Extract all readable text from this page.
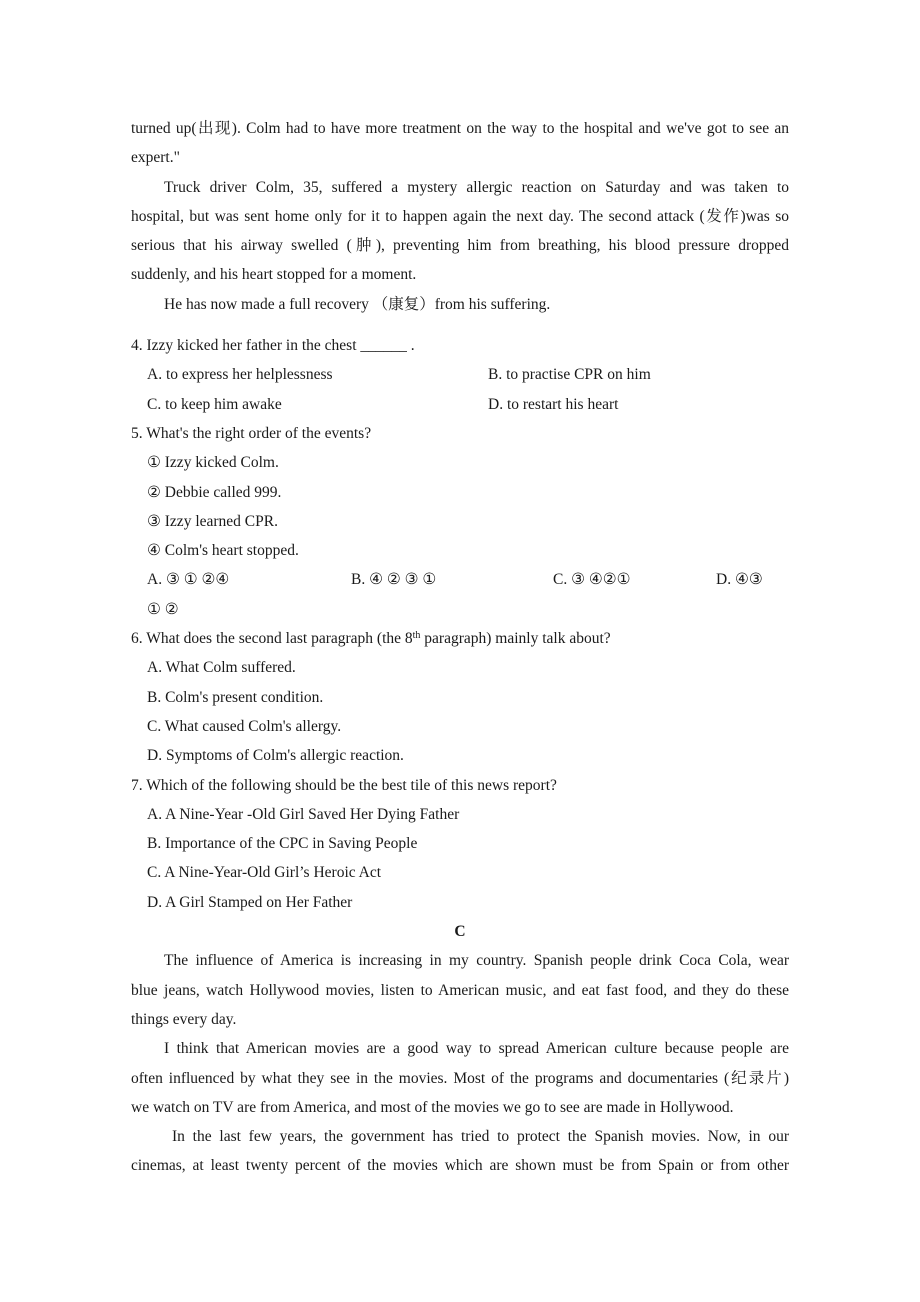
turned up(出现). Colm had to have more treatment on the way to the hospital and we've got to see an
expert."
Truck driver Colm, 35, suffered a mystery allergic reaction on Saturday and was taken to
hospital, but was sent home only for it to happen again the next day. The second attack (发作)was so
serious that his airway swelled (肿), preventing him from breathing, his blood pressure dropped
suddenly, and his heart stopped for a moment.
He has now made a full recovery （康复）from his suffering.
4. Izzy kicked her father in the chest ______ .
A. to express her helplessness	B. to practise CPR on him
C. to keep him awake	D. to restart his heart
5. What's the right order of the events?
① Izzy kicked Colm.
② Debbie called 999.
③ Izzy learned CPR.
④ Colm's heart stopped.
A. ③ ① ②④	B. ④ ② ③ ①	C. ③ ④②①	D. ④③
① ②
6. What does the second last paragraph (the 8th paragraph) mainly talk about?
A. What Colm suffered.
B. Colm's present condition.
C. What caused Colm's allergy.
D. Symptoms of Colm's allergic reaction.
7. Which of the following should be the best tile of this news report?
A. A Nine-Year -Old Girl Saved Her Dying Father
B. Importance of the CPC in Saving People
C. A Nine-Year-Old Girl’s Heroic Act
D. A Girl Stamped on Her Father
C
The influence of America is increasing in my country. Spanish people drink Coca Cola, wear
blue jeans, watch Hollywood movies, listen to American music, and eat fast food, and they do these
things every day.
I think that American movies are a good way to spread American culture because people are
often influenced by what they see in the movies. Most of the programs and documentaries (纪录片)
we watch on TV are from America, and most of the movies we go to see are made in Hollywood.
In the last few years, the government has tried to protect the Spanish movies. Now, in our
cinemas, at least twenty percent of the movies which are shown must be from Spain or from other
